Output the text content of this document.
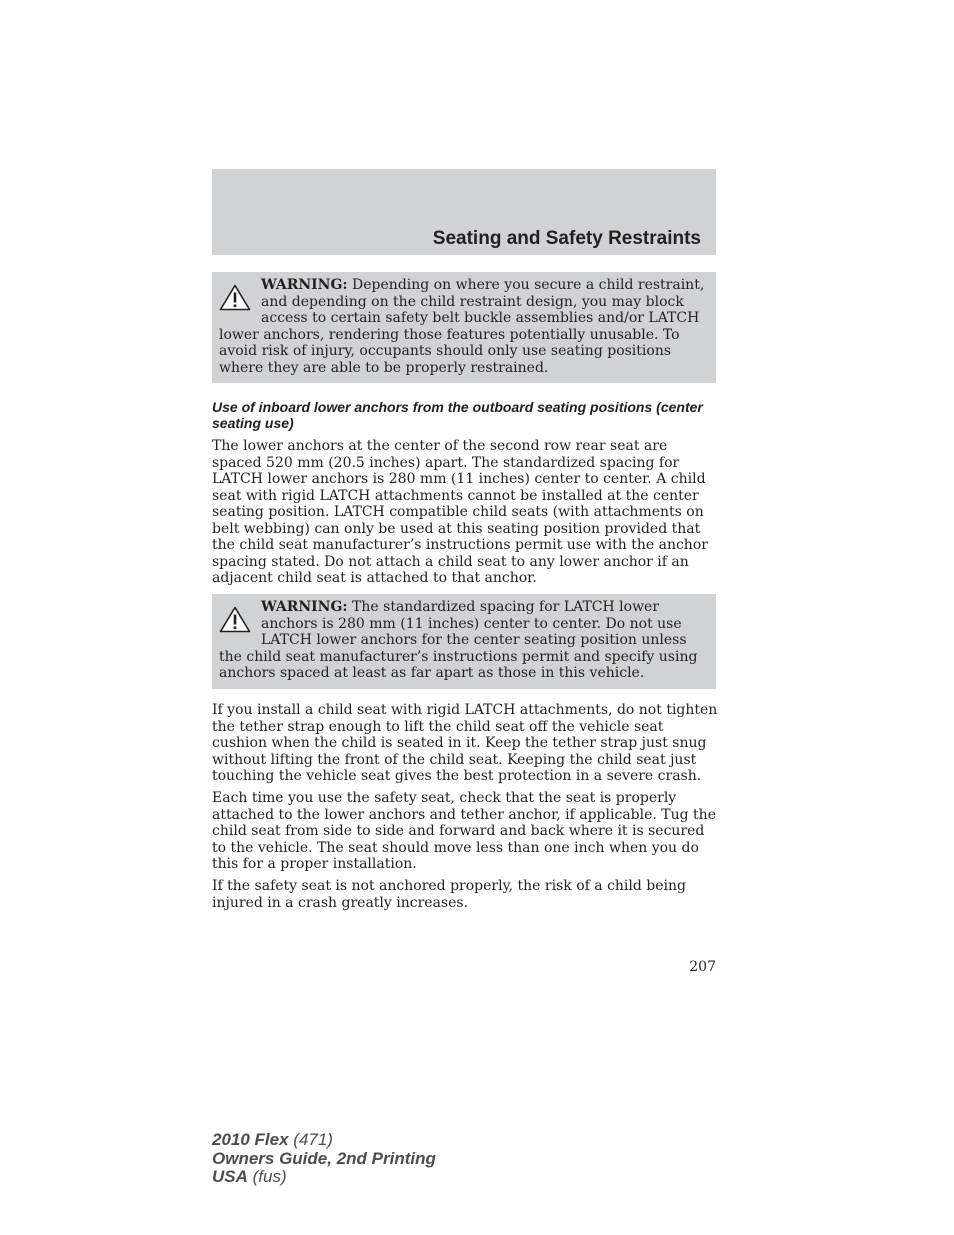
Seating and Safety Restraints
WARNING: Depending on where you secure a child restraint, and depending on the child restraint design, you may block access to certain safety belt buckle assemblies and/or LATCH lower anchors, rendering those features potentially unusable. To avoid risk of injury, occupants should only use seating positions where they are able to be properly restrained.
Use of inboard lower anchors from the outboard seating positions (center seating use)

The lower anchors at the center of the second row rear seat are spaced 520 mm (20.5 inches) apart. The standardized spacing for LATCH lower anchors is 280 mm (11 inches) center to center. A child seat with rigid LATCH attachments cannot be installed at the center seating position. LATCH compatible child seats (with attachments on belt webbing) can only be used at this seating position provided that the child seat manufacturer’s instructions permit use with the anchor spacing stated. Do not attach a child seat to any lower anchor if an adjacent child seat is attached to that anchor.

WARNING: The standardized spacing for LATCH lower anchors is 280 mm (11 inches) center to center. Do not use LATCH lower anchors for the center seating position unless the child seat manufacturer’s instructions permit and specify using anchors spaced at least as far apart as those in this vehicle.

If you install a child seat with rigid LATCH attachments, do not tighten the tether strap enough to lift the child seat off the vehicle seat cushion when the child is seated in it. Keep the tether strap just snug without lifting the front of the child seat. Keeping the child seat just touching the vehicle seat gives the best protection in a severe crash.

Each time you use the safety seat, check that the seat is properly attached to the lower anchors and tether anchor, if applicable. Tug the child seat from side to side and forward and back where it is secured to the vehicle. The seat should move less than one inch when you do this for a proper installation.

If the safety seat is not anchored properly, the risk of a child being injured in a crash greatly increases.

207
2010 Flex (471)
Owners Guide, 2nd Printing
USA (fus)
